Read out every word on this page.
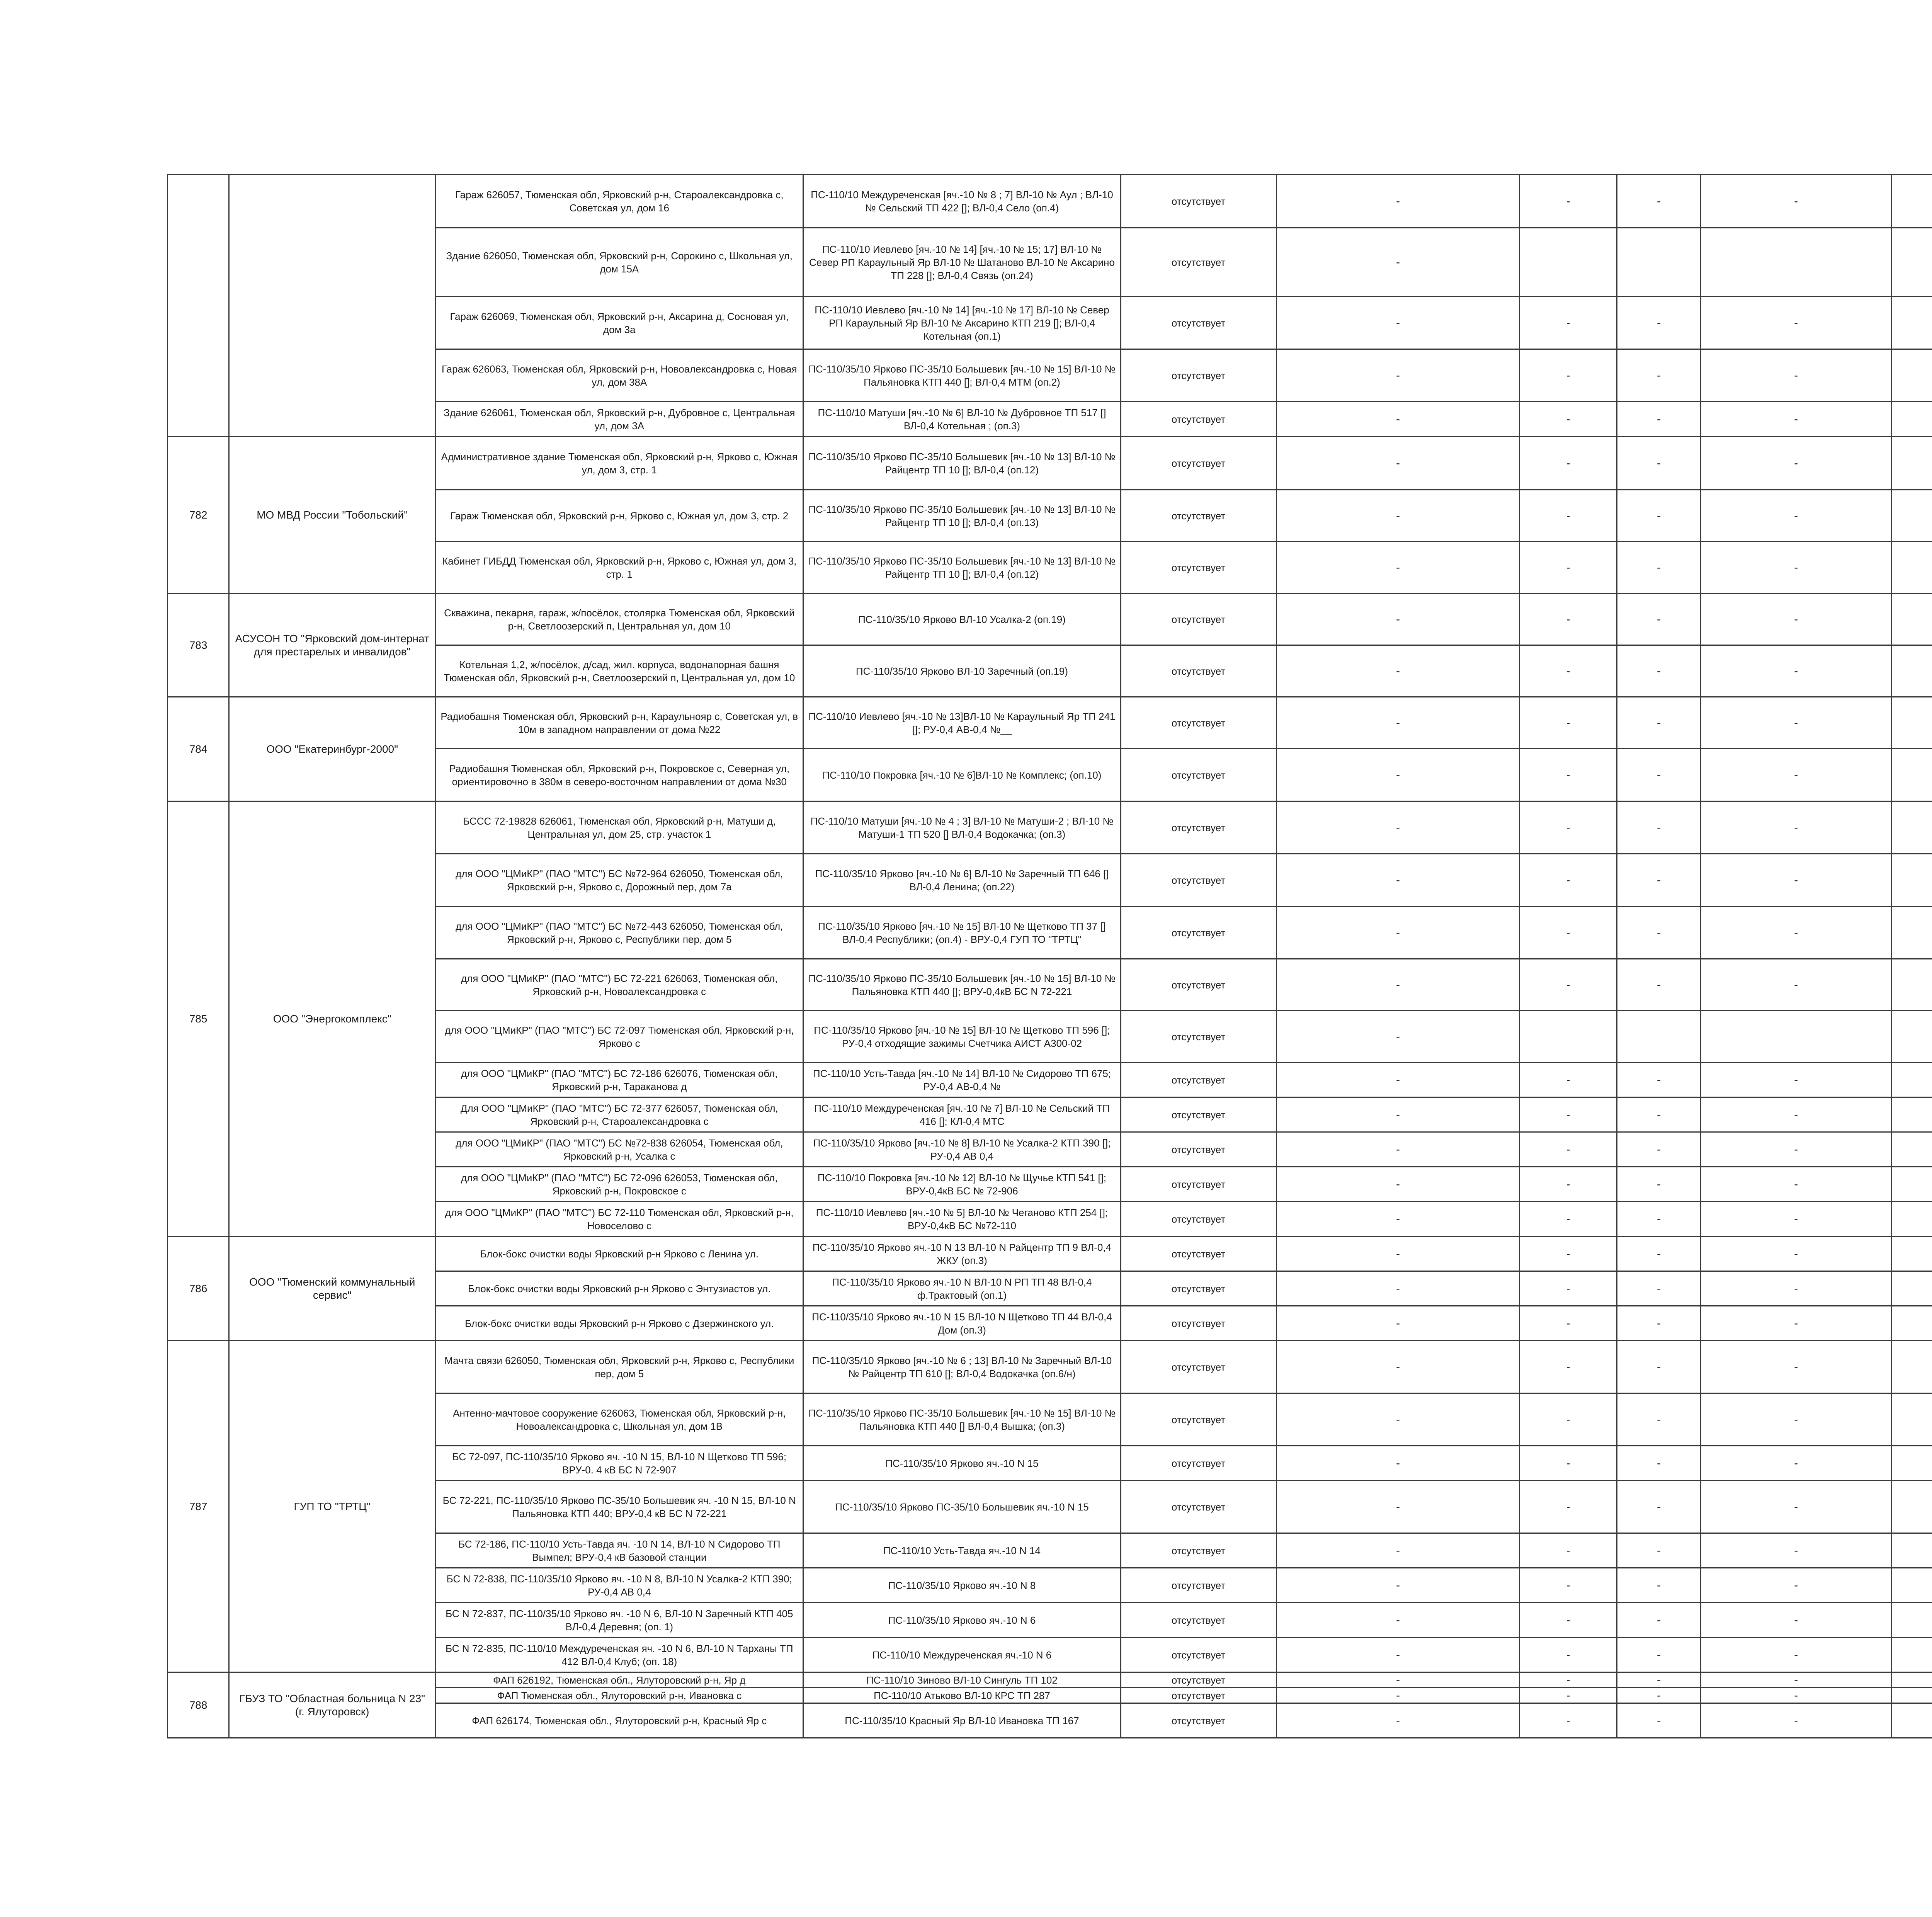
		Гараж 626057, Тюменская обл, Ярковский р-н, Староалександровка с, Советская ул, дом 16	ПС-110/10 Междуреченская [яч.-10 № 8 ; 7] ВЛ-10 № Аул ; ВЛ-10 № Сельский ТП 422 []; ВЛ-0,4 Село (оп.4)	отсутствует	-	-	-	-		
		Здание 626050, Тюменская обл, Ярковский р-н, Сорокино с, Школьная ул, дом 15А	ПС-110/10 Иевлево [яч.-10 № 14] [яч.-10 № 15; 17] ВЛ-10 № Север РП Караульный Яр ВЛ-10 № Шатаново ВЛ-10 № Аксарино ТП 228 []; ВЛ-0,4 Связь (оп.24)	отсутствует	-					
		Гараж 626069, Тюменская обл, Ярковский р-н, Аксарина д, Сосновая ул, дом 3а	ПС-110/10 Иевлево [яч.-10 № 14] [яч.-10 № 17] ВЛ-10 № Север РП Караульный Яр ВЛ-10 № Аксарино КТП 219 []; ВЛ-0,4 Котельная (оп.1)	отсутствует	-	-	-	-		
		Гараж 626063, Тюменская обл, Ярковский р-н, Новоалександровка с, Новая ул, дом 38А	ПС-110/35/10 Ярково ПС-35/10 Большевик [яч.-10 № 15] ВЛ-10 № Пальяновка КТП 440 []; ВЛ-0,4 МТМ (оп.2)	отсутствует	-	-	-	-		
		Здание 626061, Тюменская обл, Ярковский р-н, Дубровное с, Центральная ул, дом 3А	ПС-110/10 Матуши [яч.-10 № 6] ВЛ-10 № Дубровное ТП 517 [] ВЛ-0,4 Котельная ; (оп.3)	отсутствует	-	-	-	-		
782	МО МВД России "Тобольский"	Административное здание Тюменская обл, Ярковский р-н, Ярково с, Южная ул, дом 3, стр. 1	ПС-110/35/10 Ярково ПС-35/10 Большевик [яч.-10 № 13] ВЛ-10 № Райцентр ТП 10 []; ВЛ-0,4 (оп.12)	отсутствует	-	-	-	-		
		Гараж Тюменская обл, Ярковский р-н, Ярково с, Южная ул, дом 3, стр. 2	ПС-110/35/10 Ярково ПС-35/10 Большевик [яч.-10 № 13] ВЛ-10 № Райцентр ТП 10 []; ВЛ-0,4 (оп.13)	отсутствует	-	-	-	-		
		Кабинет ГИБДД Тюменская обл, Ярковский р-н, Ярково с, Южная ул, дом 3, стр. 1	ПС-110/35/10 Ярково ПС-35/10 Большевик [яч.-10 № 13] ВЛ-10 № Райцентр ТП 10 []; ВЛ-0,4 (оп.12)	отсутствует	-	-	-	-		
783	АСУСОН ТО "Ярковский дом-интернат для престарелых и инвалидов"	Скважина, пекарня, гараж, ж/посёлок, столярка Тюменская обл, Ярковский р-н, Светлоозерский п, Центральная ул, дом 10	ПС-110/35/10 Ярково ВЛ-10 Усалка-2 (оп.19)	отсутствует	-	-	-	-		
		Котельная 1,2, ж/посёлок, д/сад, жил. корпуса, водонапорная башня Тюменская обл, Ярковский р-н, Светлоозерский п, Центральная ул, дом 10	ПС-110/35/10 Ярково ВЛ-10 Заречный (оп.19)	отсутствует	-	-	-	-		
784	ООО "Екатеринбург-2000"	Радиобашня Тюменская обл, Ярковский р-н, Караульнояр с, Советская ул, в 10м в западном направлении от дома №22	ПС-110/10 Иевлево [яч.-10 № 13]ВЛ-10 № Караульный Яр ТП 241 []; РУ-0,4 АВ-0,4 №__	отсутствует	-	-	-	-		
		Радиобашня Тюменская обл, Ярковский р-н, Покровское с, Северная ул, ориентировочно в 380м в северо-восточном направлении от дома №30	ПС-110/10 Покровка [яч.-10 № 6]ВЛ-10 № Комплекс; (оп.10)	отсутствует	-	-	-	-		
785	ООО "Энергокомплекс"	БССС 72-19828 626061, Тюменская обл, Ярковский р-н, Матуши д, Центральная ул, дом 25, стр. участок 1	ПС-110/10 Матуши [яч.-10 № 4 ; 3] ВЛ-10 № Матуши-2 ; ВЛ-10 № Матуши-1 ТП 520 [] ВЛ-0,4 Водокачка; (оп.3)	отсутствует	-	-	-	-		
		для ООО "ЦМиКР" (ПАО "МТС") БС №72-964 626050, Тюменская обл, Ярковский р-н, Ярково с, Дорожный пер, дом 7а	ПС-110/35/10 Ярково [яч.-10 № 6] ВЛ-10 № Заречный ТП 646 [] ВЛ-0,4 Ленина; (оп.22)	отсутствует	-	-	-	-		
		для ООО "ЦМиКР" (ПАО "МТС") БС №72-443 626050, Тюменская обл, Ярковский р-н, Ярково с, Республики пер, дом 5	ПС-110/35/10 Ярково [яч.-10 № 15] ВЛ-10 № Щетково ТП 37 [] ВЛ-0,4 Республики; (оп.4) - ВРУ-0,4 ГУП ТО "ТРТЦ"	отсутствует	-	-	-	-		
		для ООО "ЦМиКР" (ПАО "МТС") БС 72-221 626063, Тюменская обл, Ярковский р-н, Новоалександровка с	ПС-110/35/10 Ярково ПС-35/10 Большевик [яч.-10 № 15] ВЛ-10 № Пальяновка КТП 440 []; ВРУ-0,4кВ БС N 72-221	отсутствует	-	-	-	-		
		для ООО "ЦМиКР" (ПАО "МТС") БС 72-097 Тюменская обл, Ярковский р-н, Ярково с	ПС-110/35/10 Ярково [яч.-10 № 15] ВЛ-10 № Щетково ТП 596 []; РУ-0,4 отходящие зажимы Счетчика АИСТ А300-02	отсутствует	-					
		для ООО "ЦМиКР" (ПАО "МТС") БС 72-186 626076, Тюменская обл, Ярковский р-н, Тараканова д	ПС-110/10 Усть-Тавда [яч.-10 № 14] ВЛ-10 № Сидорово ТП 675; РУ-0,4 АВ-0,4 №	отсутствует	-	-	-	-		
		Для ООО "ЦМиКР" (ПАО "МТС") БС 72-377 626057, Тюменская обл, Ярковский р-н, Староалександровка с	ПС-110/10 Междуреченская [яч.-10 № 7] ВЛ-10 № Сельский ТП 416 []; КЛ-0,4 МТС	отсутствует	-	-	-	-		
		для ООО "ЦМиКР" (ПАО "МТС") БС №72-838 626054, Тюменская обл, Ярковский р-н, Усалка с	ПС-110/35/10 Ярково [яч.-10 № 8] ВЛ-10 № Усалка-2 КТП 390 []; РУ-0,4 АВ 0,4	отсутствует	-	-	-	-		
		для ООО "ЦМиКР" (ПАО "МТС") БС 72-096 626053, Тюменская обл, Ярковский р-н, Покровское с	ПС-110/10 Покровка [яч.-10 № 12] ВЛ-10 № Щучье КТП 541 []; ВРУ-0,4кВ БС № 72-906	отсутствует	-	-	-	-		
		для ООО "ЦМиКР" (ПАО "МТС") БС 72-110 Тюменская обл, Ярковский р-н, Новоселово с	ПС-110/10 Иевлево [яч.-10 № 5] ВЛ-10 № Чеганово КТП 254 []; ВРУ-0,4кВ БС №72-110	отсутствует	-	-	-	-		
786	ООО "Тюменский коммунальный сервис"	Блок-бокс очистки воды Ярковский р-н Ярково с Ленина ул.	ПС-110/35/10 Ярково яч.-10 N 13 ВЛ-10 N Райцентр ТП 9 ВЛ-0,4 ЖКУ (оп.3)	отсутствует	-	-	-	-		
		Блок-бокс очистки воды Ярковский р-н Ярково с Энтузиастов ул.	ПС-110/35/10 Ярково яч.-10 N ВЛ-10 N РП ТП 48 ВЛ-0,4 ф.Трактовый (оп.1)	отсутствует	-	-	-	-		
		Блок-бокс очистки воды Ярковский р-н Ярково с Дзержинского ул.	ПС-110/35/10 Ярково яч.-10 N 15 ВЛ-10 N Щетково ТП 44 ВЛ-0,4 Дом (оп.3)	отсутствует	-	-	-	-		
787	ГУП ТО "ТРТЦ"	Мачта связи 626050, Тюменская обл, Ярковский р-н, Ярково с, Республики пер, дом 5	ПС-110/35/10 Ярково [яч.-10 № 6 ; 13] ВЛ-10 № Заречный ВЛ-10 № Райцентр ТП 610 []; ВЛ-0,4 Водокачка (оп.6/н)	отсутствует	-	-	-	-		
		Антенно-мачтовое сооружение 626063, Тюменская обл, Ярковский р-н, Новоалександровка с, Школьная ул, дом 1В	ПС-110/35/10 Ярково ПС-35/10 Большевик [яч.-10 № 15] ВЛ-10 № Пальяновка КТП 440 [] ВЛ-0,4 Вышка; (оп.3)	отсутствует	-	-	-	-		
		БС 72-097, ПС-110/35/10 Ярково яч. -10 N 15, ВЛ-10 N Щетково ТП 596; ВРУ-0. 4 кВ БС N 72-907	ПС-110/35/10 Ярково яч.-10 N 15	отсутствует	-	-	-	-		
		БС 72-221, ПС-110/35/10 Ярково ПС-35/10 Большевик яч. -10 N 15, ВЛ-10 N Пальяновка КТП 440; ВРУ-0,4 кВ БС N 72-221	ПС-110/35/10 Ярково ПС-35/10 Большевик яч.-10 N 15	отсутствует	-	-	-	-		
		БС 72-186, ПС-110/10 Усть-Тавда яч. -10 N 14, ВЛ-10 N Сидорово ТП Вымпел; ВРУ-0,4 кВ базовой станции	ПС-110/10 Усть-Тавда яч.-10 N 14	отсутствует	-	-	-	-		
		БС N 72-838, ПС-110/35/10 Ярково яч. -10 N 8, ВЛ-10 N Усалка-2 КТП 390; РУ-0,4 АВ 0,4	ПС-110/35/10 Ярково яч.-10 N 8	отсутствует	-	-	-	-		
		БС N 72-837, ПС-110/35/10 Ярково яч. -10 N 6, ВЛ-10 N Заречный КТП 405 ВЛ-0,4 Деревня; (оп. 1)	ПС-110/35/10 Ярково яч.-10 N 6	отсутствует	-	-	-	-		
		БС N 72-835, ПС-110/10 Междуреченская яч. -10 N 6, ВЛ-10 N Тарханы ТП 412 ВЛ-0,4 Клуб; (оп. 18)	ПС-110/10 Междуреченская яч.-10 N 6	отсутствует	-	-	-	-		
788	ГБУЗ ТО "Областная больница N 23" (г. Ялуторовск)	ФАП 626192, Тюменская обл., Ялуторовский р-н, Яр д	ПС-110/10 Зиново ВЛ-10 Сингуль ТП 102	отсутствует	-	-	-	-		
		ФАП Тюменская обл., Ялуторовский р-н, Ивановка с	ПС-110/10 Атьково ВЛ-10 КРС ТП 287	отсутствует	-	-	-	-		
		ФАП 626174, Тюменская обл., Ялуторовский р-н, Красный Яр с	ПС-110/35/10 Красный Яр ВЛ-10 Ивановка ТП 167	отсутствует	-	-	-	-		
